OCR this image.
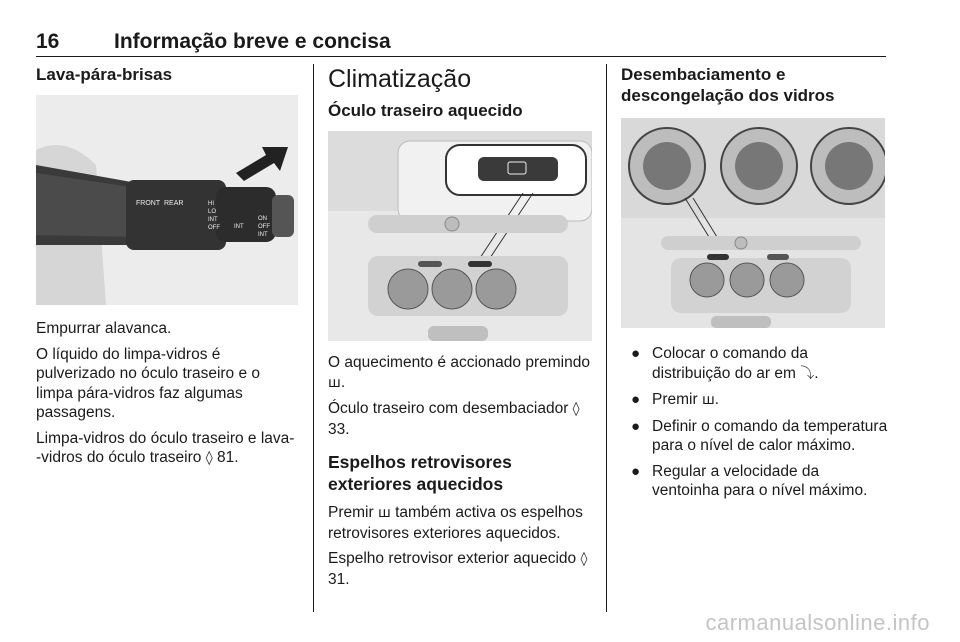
16	Informação breve e concisa
Lava-pára-brisas
FRONT REAR	HI
LO
INT
OFF INT
ON
OFF
INT

Empurrar alavanca.

O líquido do limpa-vidros é pulverizado no óculo traseiro e o limpa pára-vidros faz algumas passagens.

Limpa-vidros do óculo traseiro e lava--vidros do óculo traseiro ◊ 81.

Climatização
Óculo traseiro aquecido

O aquecimento é accionado premindo ꟺ.

Óculo traseiro com desembaciador ◊ 33.

Espelhos retrovisores exteriores aquecidos

Premir ꟺ também activa os espelhos retrovisores exteriores aquecidos.

Espelho retrovisor exterior aquecido ◊ 31.

Desembaciamento e descongelação dos vidros
● Colocar o comando da distribuição do ar em ⤵.
● Premir ꟺ.
● Definir o comando da temperatura para o nível de calor máximo.
● Regular a velocidade da ventoinha para o nível máximo.
carmanualsonline.info
